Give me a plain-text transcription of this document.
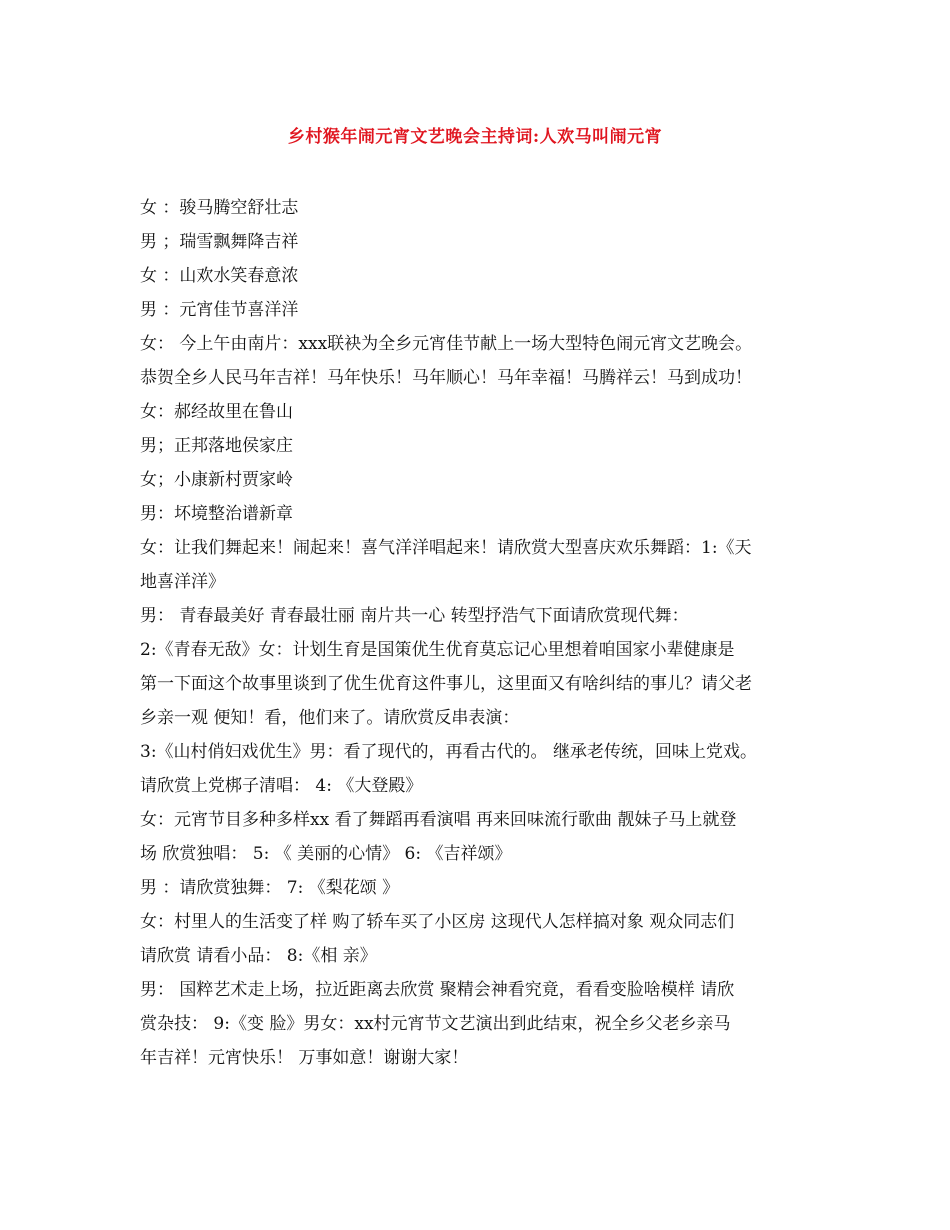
乡村猴年闹元宵文艺晚会主持词:人欢马叫闹元宵
女 ：骏马腾空舒壮志
男 ；瑞雪飘舞降吉祥
女 ：山欢水笑春意浓
男 ：元宵佳节喜洋洋
女： 今上午由南片：xxx联袂为全乡元宵佳节献上一场大型特色闹元宵文艺晚会。
恭贺全乡人民马年吉祥！马年快乐！马年顺心！马年幸福！马腾祥云！马到成功！
女：郝经故里在鲁山
男；正邦落地侯家庄
女；小康新村贾家岭
男：坏境整治谱新章
女：让我们舞起来！闹起来！喜气洋洋唱起来！请欣赏大型喜庆欢乐舞蹈：1:《天
地喜洋洋》
男： 青春最美好 青春最壮丽 南片共一心 转型抒浩气下面请欣赏现代舞：
2:《青春无敌》女：计划生育是国策优生优育莫忘记心里想着咱国家小辈健康是
第一下面这个故事里谈到了优生优育这件事儿，这里面又有啥纠结的事儿？请父老
乡亲一观 便知！看，他们来了。请欣赏反串表演：
3:《山村俏妇戏优生》男：看了现代的，再看古代的。 继承老传统，回味上党戏。
请欣赏上党梆子清唱： 4: 《大登殿》
女：元宵节目多种多样xx 看了舞蹈再看演唱 再来回味流行歌曲 靓妹子马上就登
场 欣赏独唱： 5: 《 美丽的心情》 6: 《吉祥颂》
男 ：请欣赏独舞： 7: 《梨花颂 》
女：村里人的生活变了样 购了轿车买了小区房 这现代人怎样搞对象 观众同志们
请欣赏 请看小品： 8:《相 亲》
男： 国粹艺术走上场，拉近距离去欣赏 聚精会神看究竟，看看变脸啥模样 请欣
赏杂技： 9:《变 脸》男女：xx村元宵节文艺演出到此结束，祝全乡父老乡亲马
年吉祥！元宵快乐！ 万事如意！谢谢大家！
